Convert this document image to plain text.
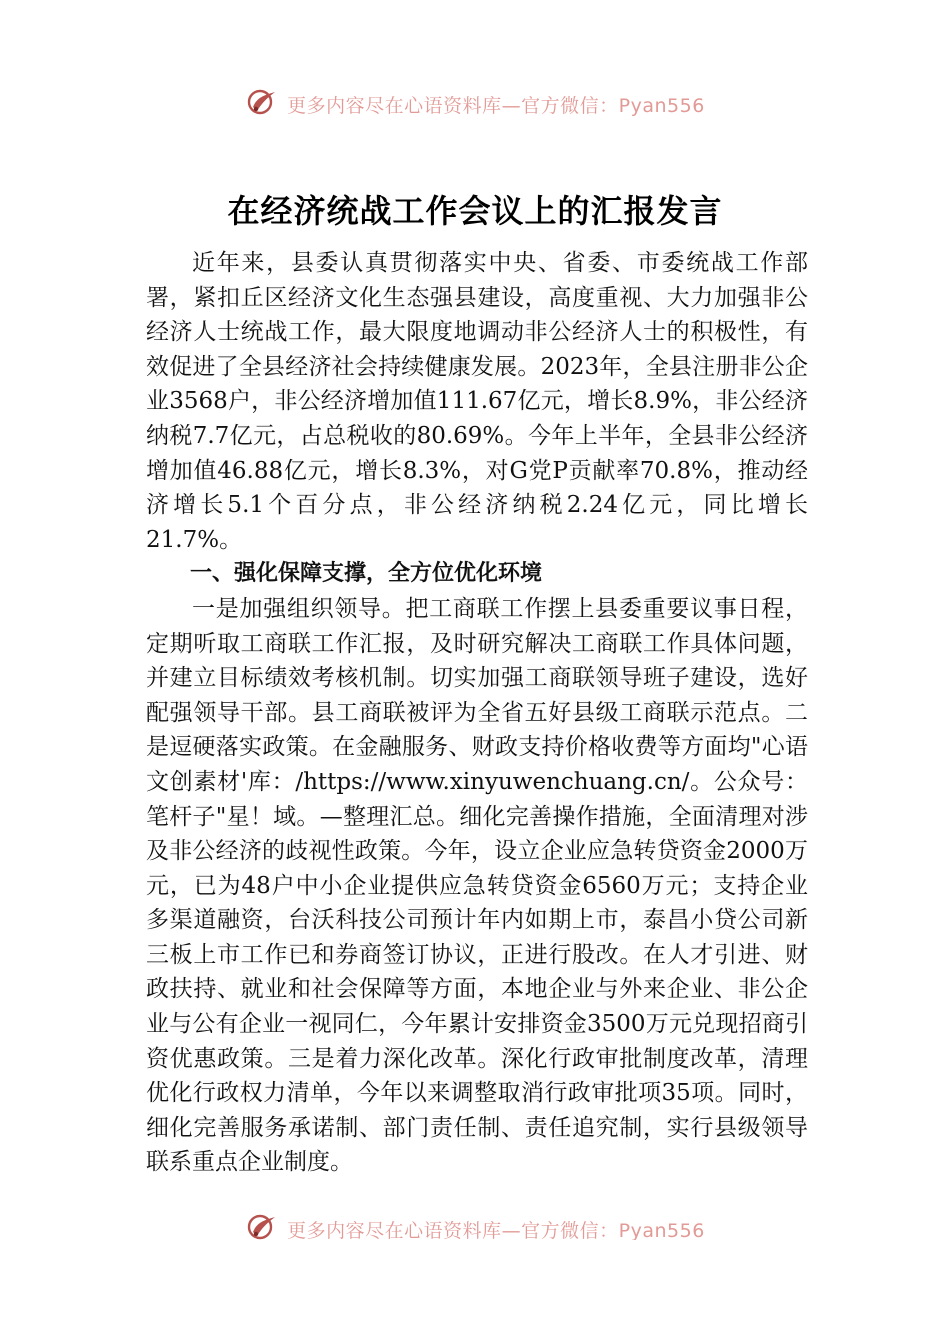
更多内容尽在心语资料库—官方微信：Pyan556
在经济统战工作会议上的汇报发言

近年来，县委认真贯彻落实中央、省委、市委统战工作部署，紧扣丘区经济文化生态强县建设，高度重视、大力加强非公经济人士统战工作，最大限度地调动非公经济人士的积极性，有效促进了全县经济社会持续健康发展。2023年，全县注册非公企业3568户，非公经济增加值111.67亿元，增长8.9%，非公经济纳税7.7亿元，占总税收的80.69%。今年上半年，全县非公经济增加值46.88亿元，增长8.3%，对G党P贡献率70.8%，推动经济增长5.1个百分点，非公经济纳税2.24亿元，同比增长21.7%。

一、强化保障支撑，全方位优化环境

一是加强组织领导。把工商联工作摆上县委重要议事日程，定期听取工商联工作汇报，及时研究解决工商联工作具体问题，并建立目标绩效考核机制。切实加强工商联领导班子建设，选好配强领导干部。县工商联被评为全省五好县级工商联示范点。二是逗硬落实政策。在金融服务、财政支持价格收费等方面均"心语文创素材'库：/https://www.xinyuwenchuang.cn/。公众号：笔杆子"星！域。—整理汇总。细化完善操作措施，全面清理对涉及非公经济的歧视性政策。今年，设立企业应急转贷资金2000万元，已为48户中小企业提供应急转贷资金6560万元；支持企业多渠道融资，台沃科技公司预计年内如期上市，泰昌小贷公司新三板上市工作已和券商签订协议，正进行股改。在人才引进、财政扶持、就业和社会保障等方面，本地企业与外来企业、非公企业与公有企业一视同仁，今年累计安排资金3500万元兑现招商引资优惠政策。三是着力深化改革。深化行政审批制度改革，清理优化行政权力清单，今年以来调整取消行政审批项35项。同时，细化完善服务承诺制、部门责任制、责任追究制，实行县级领导联系重点企业制度。

更多内容尽在心语资料库—官方微信：Pyan556
